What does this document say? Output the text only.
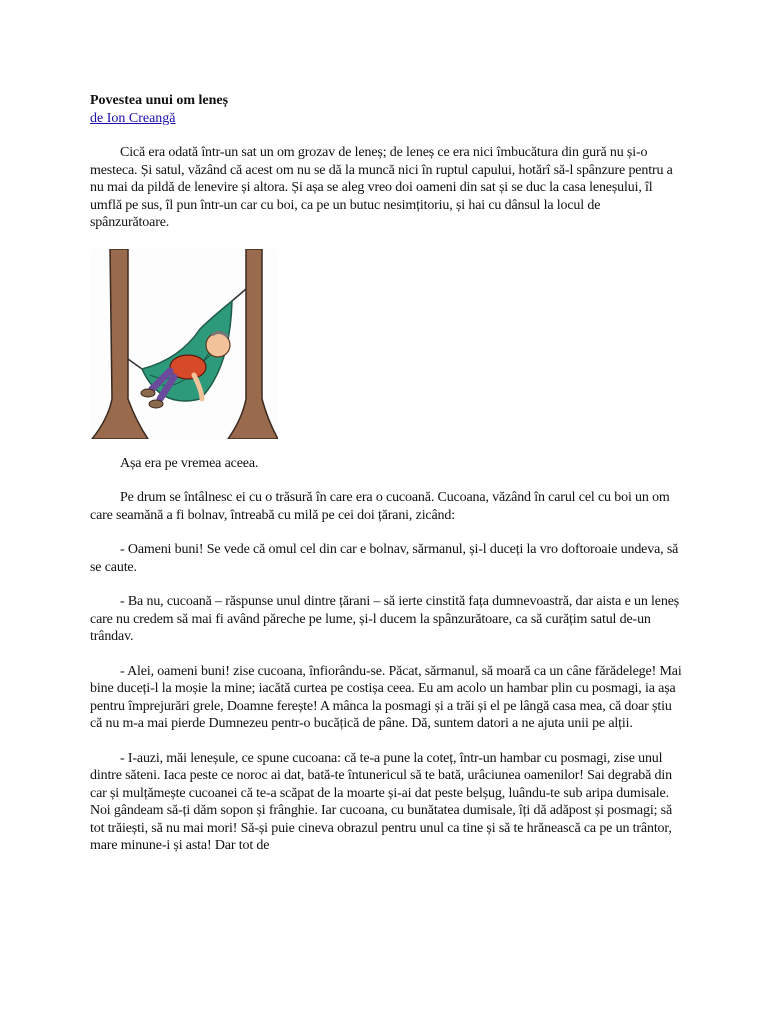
Povestea unui om leneș

de Ion Creangă

Cică era odată într-un sat un om grozav de leneș; de leneș ce era nici îmbucătura din gură nu și-o mestecа. Și satul, văzând că acest om nu se dă la muncă nici în ruptul capului, hotărî să-l spânzure pentru a nu mai da pildă de lenevire și altora. Și așa se aleg vreo doi oameni din sat și se duc la casa leneșului, îl umflă pe sus, îl pun într-un car cu boi, ca pe un butuc nesimțitoriu, și hai cu dânsul la locul de spânzurătoare.

Așa era pe vremea aceea.

Pe drum se întâlnesc ei cu o trăsură în care era o cucoană. Cucoana, văzând în carul cel cu boi un om care seamănă a fi bolnav, întreabă cu milă pe cei doi țărani, zicând:

- Oameni buni! Se vede că omul cel din car e bolnav, sărmanul, și-l duceți la vro doftoroaie undeva, să se caute.

- Ba nu, cucoană – răspunse unul dintre țărani – să ierte cinstită fața dumnevoastră, dar aista e un leneș care nu credem să mai fi având păreche pe lume, și-l ducem la spânzurătoare, ca să curățim satul de-un trândav.

- Alei, oameni buni! zise cucoana, înfiorându-se. Păcat, sărmanul, să moară ca un câne fărădelege! Mai bine duceți-l la moșie la mine; iacătă curtea pe costișa ceea. Eu am acolo un hambar plin cu posmagi, ia așa pentru împrejurări grele, Doamne ferește! A mânca la posmagi și a trăi și el pe lângă casa mea, că doar știu că nu m-a mai pierde Dumnezeu pentr-o bucățică de pâne. Dă, suntem datori a ne ajuta unii pe alții.

- I-auzi, măi leneșule, ce spune cucoana: că te-a pune la coteț, într-un hambar cu posmagi, zise unul dintre săteni. Iaca peste ce noroc ai dat, bată-te întunericul să te bată, urâciunea oamenilor! Sai degrabă din car și mulțămește cucoanei că te-a scăpat de la moarte și-ai dat peste belșug, luându-te sub aripa dumisale. Noi gândeam să-ți dăm sopon și frânghie. Iar cucoana, cu bunătatea dumisale, îți dă adăpost și posmagi; să tot trăiești, să nu mai mori! Să-și puie cineva obrazul pentru unul ca tine și să te hrănească ca pe un trântor, mare minune-i și asta! Dar tot de
